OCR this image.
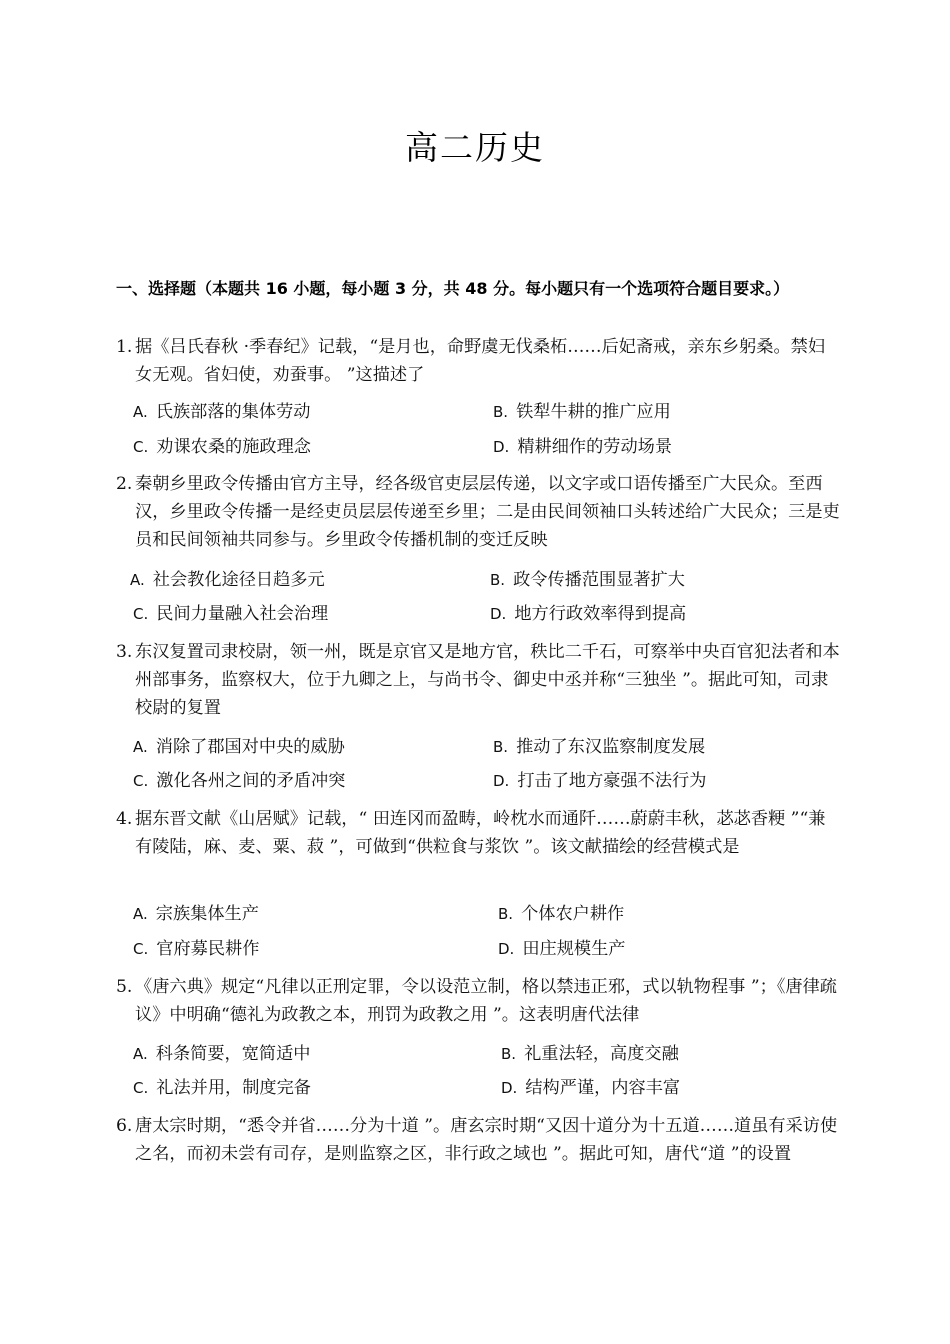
高二历史
一、选择题（本题共 16 小题，每小题 3 分，共 48 分。每小题只有一个选项符合题目要求。）
1. 据《吕氏春秋 ·季春纪》记载，“是月也，命野虞无伐桑柘……后妃斋戒，亲东乡躬桑。禁妇女无观。省妇使，劝蚕事。 ”这描述了
A. 氏族部落的集体劳动	B. 铁犁牛耕的推广应用
C. 劝课农桑的施政理念	D. 精耕细作的劳动场景
2. 秦朝乡里政令传播由官方主导，经各级官吏层层传递，以文字或口语传播至广大民众。至西汉，乡里政令传播一是经吏员层层传递至乡里；二是由民间领袖口头转述给广大民众；三是吏员和民间领袖共同参与。乡里政令传播机制的变迁反映
A. 社会教化途径日趋多元	B. 政令传播范围显著扩大
C. 民间力量融入社会治理	D. 地方行政效率得到提高
3. 东汉复置司隶校尉，领一州，既是京官又是地方官，秩比二千石，可察举中央百官犯法者和本州部事务，监察权大，位于九卿之上，与尚书令、御史中丞并称“三独坐 ”。据此可知，司隶校尉的复置
A. 消除了郡国对中央的威胁	B. 推动了东汉监察制度发展
C. 激化各州之间的矛盾冲突	D. 打击了地方豪强不法行为
4. 据东晋文献《山居赋》记载，“ 田连冈而盈畴，岭枕水而通阡……蔚蔚丰秋，苾苾香粳 ”“兼有陵陆，麻、麦、粟、菽 ”，可做到“供粒食与浆饮 ”。该文献描绘的经营模式是
A. 宗族集体生产	B. 个体农户耕作
C. 官府募民耕作	D. 田庄规模生产
5. 《唐六典》规定“凡律以正刑定罪，令以设范立制，格以禁违正邪，式以轨物程事 ”；《唐律疏议》中明确“德礼为政教之本，刑罚为政教之用 ”。这表明唐代法律
A. 科条简要，宽简适中	B. 礼重法轻，高度交融
C. 礼法并用，制度完备	D. 结构严谨，内容丰富
6. 唐太宗时期，“悉令并省……分为十道 ”。唐玄宗时期“又因十道分为十五道……道虽有采访使之名，而初未尝有司存，是则监察之区，非行政之域也 ”。据此可知，唐代“道 ”的设置
